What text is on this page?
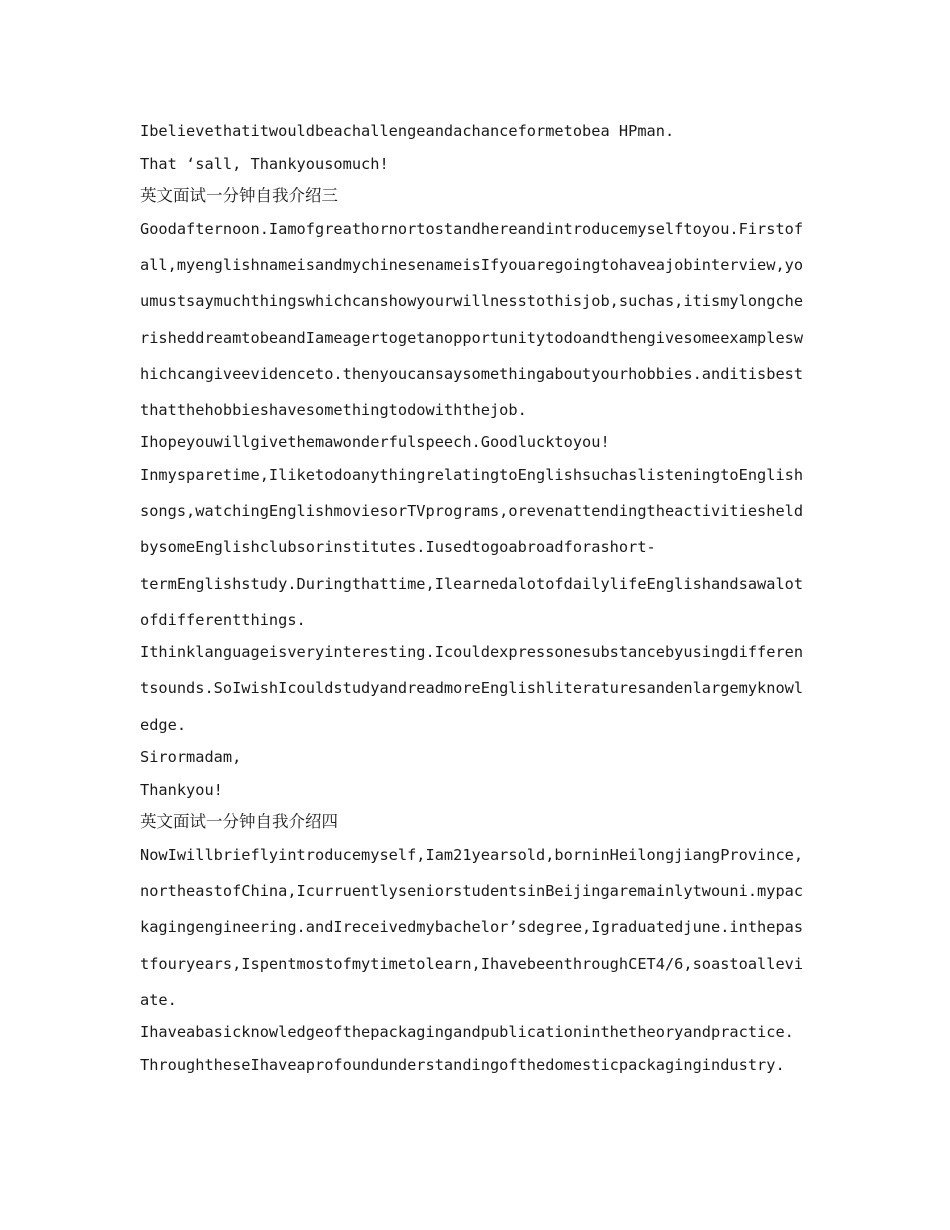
Ibelievethatitwouldbeachallengeandachanceformetobea HPman.
That ‘sall, Thankyousomuch!
英文面试一分钟自我介绍三
Goodafternoon.Iamofgreathornortostandhereandintroducemyselftoyou.Firstof
all,myenglishnameisandmychinesenameisIfyouaregoingtohaveajobinterview,yo
umustsaymuchthingswhichcanshowyourwillnesstothisjob,suchas,itismylongche
risheddreamtobeandIameagertogetanopportunitytodoandthengivesomeexamplesw
hichcangiveevidenceto.thenyoucansaysomethingaboutyourhobbies.anditisbest
thatthehobbieshavesomethingtodowiththejob.
Ihopeyouwillgivethemawonderfulspeech.Goodlucktoyou!
Inmysparetime,IliketodoanythingrelatingtoEnglishsuchaslisteningtoEnglish
songs,watchingEnglishmoviesorTVprograms,orevenattendingtheactivitiesheld
bysomeEnglishclubsorinstitutes.Iusedtogoabroadforashort-
termEnglishstudy.Duringthattime,IlearnedalotofdailylifeEnglishandsawalot
ofdifferentthings.
Ithinklanguageisveryinteresting.Icouldexpressonesubstancebyusingdifferen
tsounds.SoIwishIcouldstudyandreadmoreEnglishliteraturesandenlargemyknowl
edge.
Sirormadam,
Thankyou!
英文面试一分钟自我介绍四
NowIwillbrieflyintroducemyself,Iam21yearsold,borninHeilongjiangProvince,
northeastofChina,IcurruentlyseniorstudentsinBeijingaremainlytwouni.mypac
kagingengineering.andIreceivedmybachelor’sdegree,Igraduatedjune.inthepas
tfouryears,Ispentmostofmytimetolearn,IhavebeenthroughCET4/6,soastoallevi
ate.
Ihaveabasicknowledgeofthepackagingandpublicationinthetheoryandpractice.
ThroughtheseIhaveaprofoundunderstandingofthedomesticpackagingindustry.
